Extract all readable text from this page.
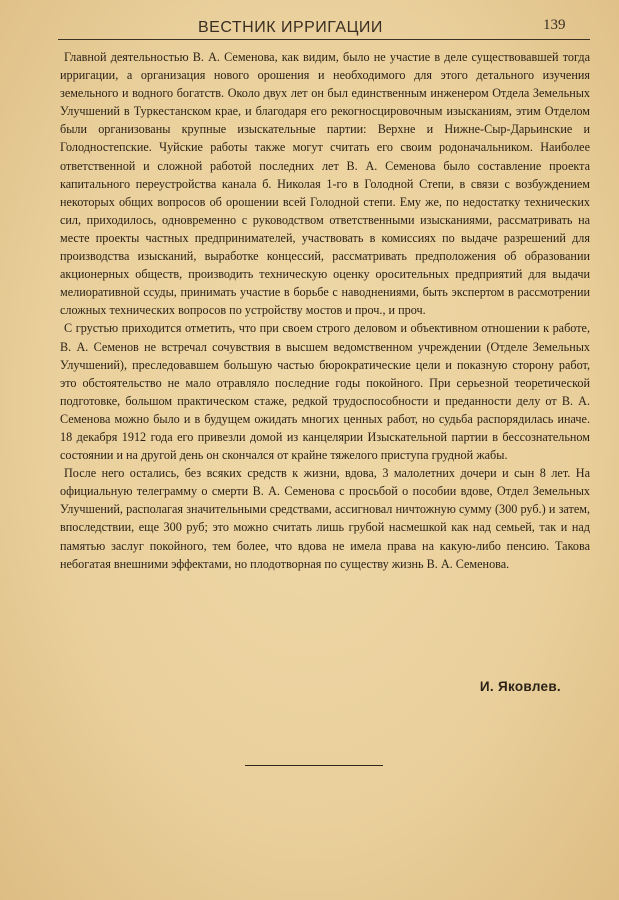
ВЕСТНИК ИРРИГАЦИИ	139

Главной деятельностью В. А. Семенова, как видим, было не участие в деле существовавшей тогда ирригации, а организация нового орошения и необходимого для этого детального изучения земельного и водного богатств. Около двух лет он был единственным инженером Отдела Земельных Улучшений в Туркестанском крае, и благодаря его рекогносцировочным изысканиям, этим Отделом были организованы крупные изыскательные партии: Верхне и Нижне-Сыр-Дарьинские и Голодностепские. Чуйские работы также могут считать его своим родоначальником. Наиболее ответственной и сложной работой последних лет В. А. Семенова было составление проекта капитального переустройства канала б. Николая 1-го в Голодной Степи, в связи с возбуждением некоторых общих вопросов об орошении всей Голодной степи. Ему же, по недостатку технических сил, приходилось, одновременно с руководством ответственными изысканиями, рассматривать на месте проекты частных предпринимателей, участвовать в комиссиях по выдаче разрешений для производства изысканий, выработке концессий, рассматривать предположения об образовании акционерных обществ, производить техническую оценку оросительных предприятий для выдачи мелиоративной ссуды, принимать участие в борьбе с наводнениями, быть экспертом в рассмотрении сложных технических вопросов по устройству мостов и проч., и проч.

С грустью приходится отметить, что при своем строго деловом и объективном отношении к работе, В. А. Семенов не встречал сочувствия в высшем ведомственном учреждении (Отделе Земельных Улучшений), преследовавшем большую частью бюрократические цели и показную сторону работ, это обстоятельство не мало отравляло последние годы покойного. При серьезной теоретической подготовке, большом практическом стаже, редкой трудоспособности и преданности делу от В. А. Семенова можно было и в будущем ожидать многих ценных работ, но судьба распорядилась иначе. 18 декабря 1912 года его привезли домой из канцелярии Изыскательной партии в бессознательном состоянии и на другой день он скончался от крайне тяжелого приступа грудной жабы.

После него остались, без всяких средств к жизни, вдова, 3 малолетних дочери и сын 8 лет. На официальную телеграмму о смерти В. А. Семенова с просьбой о пособии вдове, Отдел Земельных Улучшений, располагая значительными средствами, ассигновал ничтожную сумму (300 руб.) и затем, впоследствии, еще 300 руб; это можно считать лишь грубой насмешкой как над семьей, так и над памятью заслуг покойного, тем более, что вдова не имела права на какую-либо пенсию. Такова небогатая внешними эффектами, но плодотворная по существу жизнь В. А. Семенова.

И. Яковлев.
